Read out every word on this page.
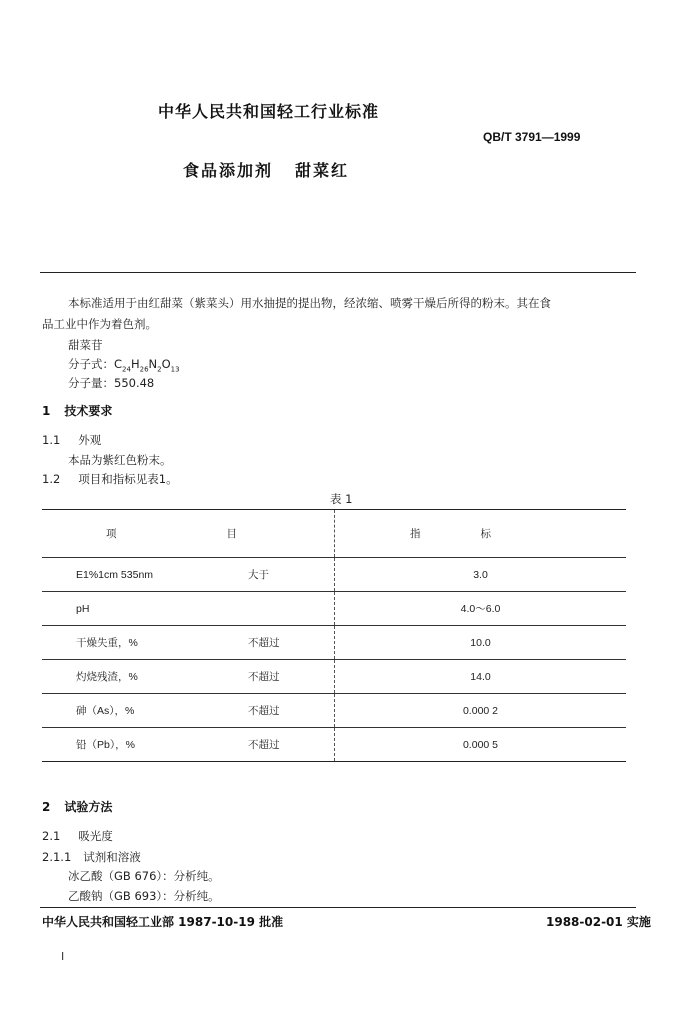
中华人民共和国轻工行业标准
QB/T 3791—1999
食品添加剂 甜菜红
本标准适用于由红甜菜（紫菜头）用水抽提的提出物，经浓缩、喷雾干燥后所得的粉末。其在食
品工业中作为着色剂。
甜菜苷
分子式：$C_{24}H_{26}N_2O_{13}$
分子量：550.48
1 技术要求
1.1 外观
本品为紫红色粉末。
1.2 项目和指标见表1。
表 1
项 目		指标
E1%1cm 535nm	大于	3.0
pH		4.0～6.0
干燥失重，%	不超过	10.0
灼烧残渣，%	不超过	14.0
砷（As），%	不超过	0.000 2
铅（Pb），%	不超过	0.000 5
2 试验方法
2.1 吸光度
2.1.1 试剂和溶液
冰乙酸（GB 676）：分析纯。
乙酸钠（GB 693）：分析纯。
中华人民共和国轻工业部 1987-10-19 批准	1988-02-01 实施
I
